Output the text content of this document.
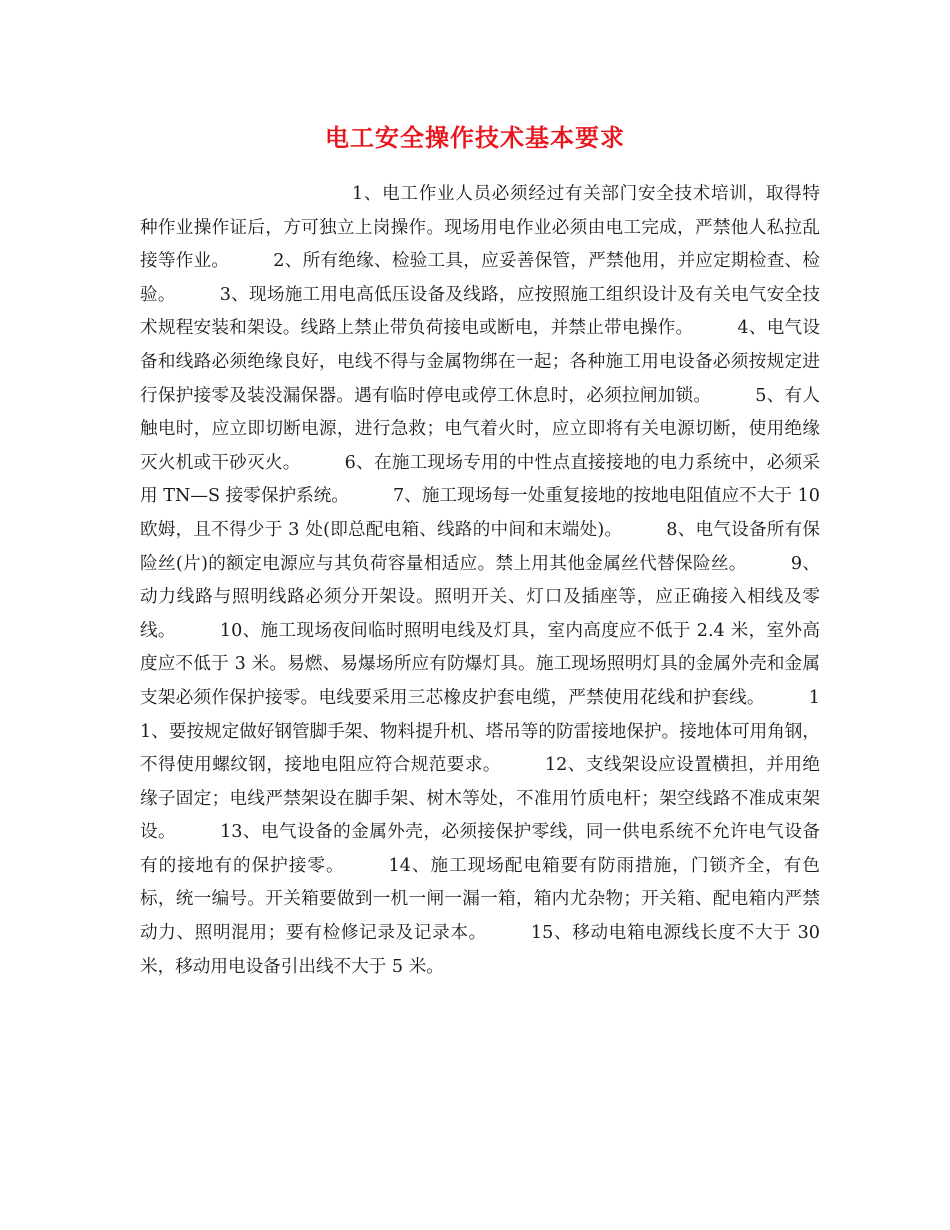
电工安全操作技术基本要求
1、电工作业人员必须经过有关部门安全技术培训，取得特种作业操作证后，方可独立上岗操作。现场用电作业必须由电工完成，严禁他人私拉乱接等作业。	2、所有绝缘、检验工具，应妥善保管，严禁他用，并应定期检查、检验。	3、现场施工用电高低压设备及线路，应按照施工组织设计及有关电气安全技术规程安装和架设。线路上禁止带负荷接电或断电，并禁止带电操作。	4、电气设备和线路必须绝缘良好，电线不得与金属物绑在一起；各种施工用电设备必须按规定进行保护接零及装没漏保器。遇有临时停电或停工休息时，必须拉闸加锁。	5、有人触电时，应立即切断电源，进行急救；电气着火时，应立即将有关电源切断，使用绝缘灭火机或干砂灭火。	6、在施工现场专用的中性点直接接地的电力系统中，必须采用 TN—S 接零保护系统。	7、施工现场每一处重复接地的按地电阻值应不大于 10 欧姆，且不得少于 3 处(即总配电箱、线路的中间和末端处)。	8、电气设备所有保险丝(片)的额定电源应与其负荷容量相适应。禁上用其他金属丝代替保险丝。	9、动力线路与照明线路必须分开架设。照明开关、灯口及插座等，应正确接入相线及零线。	10、施工现场夜间临时照明电线及灯具，室内高度应不低于 2.4 米，室外高度应不低于 3 米。易燃、易爆场所应有防爆灯具。施工现场照明灯具的金属外壳和金属支架必须作保护接零。电线要采用三芯橡皮护套电缆，严禁使用花线和护套线。	11、要按规定做好钢管脚手架、物料提升机、塔吊等的防雷接地保护。接地体可用角钢，不得使用螺纹钢，接地电阻应符合规范要求。	12、支线架设应设置横担，并用绝缘子固定；电线严禁架设在脚手架、树木等处，不准用竹质电杆；架空线路不准成束架设。	13、电气设备的金属外壳，必须接保护零线，同一供电系统不允许电气设备有的接地有的保护接零。	14、施工现场配电箱要有防雨措施，门锁齐全，有色标，统一编号。开关箱要做到一机一闸一漏一箱，箱内尤杂物；开关箱、配电箱内严禁动力、照明混用；要有检修记录及记录本。	15、移动电箱电源线长度不大于 30 米，移动用电设备引出线不大于 5 米。
